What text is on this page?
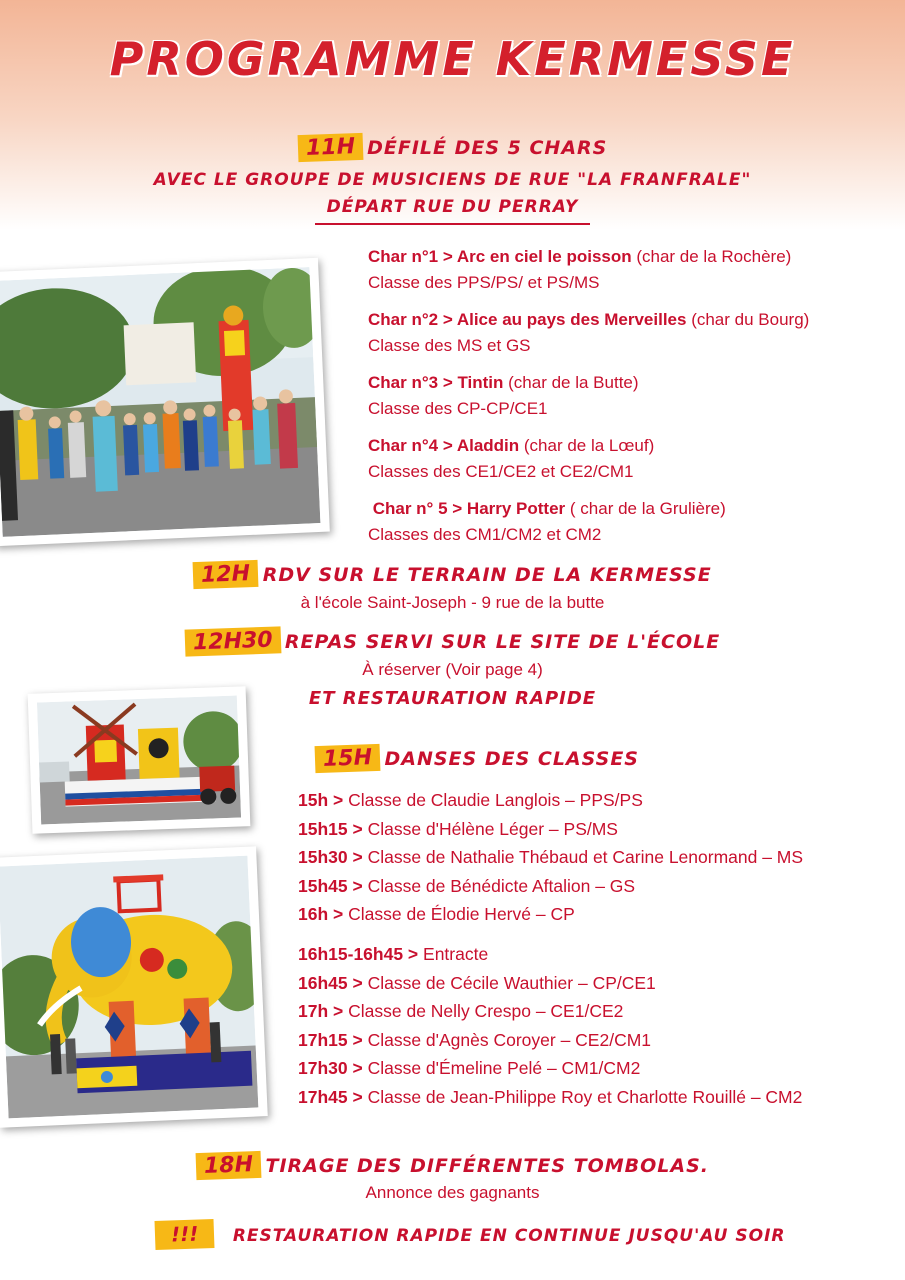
PROGRAMME KERMESSE
11H DÉFILÉ DES 5 CHARS
AVEC LE GROUPE DE MUSICIENS DE RUE "LA FRANFRALE"
DÉPART RUE DU PERRAY
Char n°1 > Arc en ciel le poisson (char de la Rochère)
Classe des PPS/PS/ et PS/MS
Char n°2 > Alice au pays des Merveilles (char du Bourg)
Classe des MS et GS
Char n°3 > Tintin (char de la Butte)
Classe des CP-CP/CE1
Char n°4 > Aladdin (char de la Lœuf)
Classes des CE1/CE2 et CE2/CM1
Char n° 5 > Harry Potter ( char de la Grulière)
Classes des CM1/CM2 et CM2
12H RDV SUR LE TERRAIN DE LA KERMESSE
à l'école Saint-Joseph - 9 rue de la butte
12H30 REPAS SERVI SUR LE SITE DE L'ÉCOLE
À réserver (Voir page 4)
ET RESTAURATION RAPIDE
15H DANSES DES CLASSES
15h > Classe de Claudie Langlois – PPS/PS
15h15 > Classe d'Hélène Léger – PS/MS
15h30 > Classe de Nathalie Thébaud et Carine Lenormand – MS
15h45 > Classe de Bénédicte Aftalion – GS
16h > Classe de Élodie Hervé – CP
16h15-16h45 > Entracte
16h45 > Classe de Cécile Wauthier – CP/CE1
17h > Classe de Nelly Crespo – CE1/CE2
17h15 > Classe d'Agnès Coroyer – CE2/CM1
17h30 > Classe d'Émeline Pelé – CM1/CM2
17h45 > Classe de Jean-Philippe Roy et Charlotte Rouillé – CM2
18H TIRAGE DES DIFFÉRENTES TOMBOLAS.
Annonce des gagnants
!!! RESTAURATION RAPIDE EN CONTINUE JUSQU'AU SOIR
